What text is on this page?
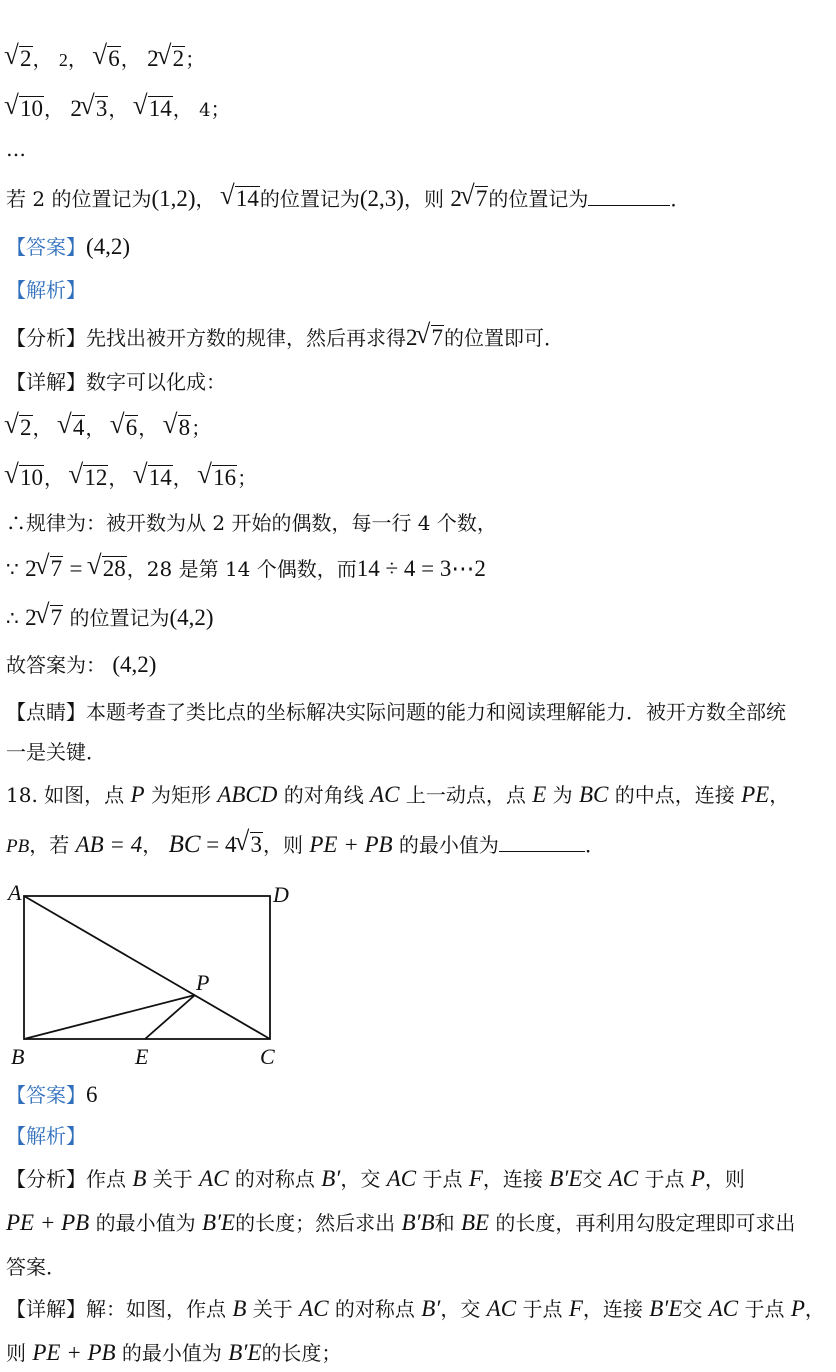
√ 2， 2， √ 6， 2 √ 2；
√ 10， 2 √ 3， √ 14， 4；
…
若 2 的位置记为(1,2)， √ 14的位置记为(2,3)，则 2 √ 7的位置记为	．
【答案】(4,2)
【解析】
【分析】先找出被开方数的规律，然后再求得2 √ 7的位置即可．
【详解】数字可以化成：
√ 2， √ 4， √ 6， √ 8；
√ 10， √ 12， √ 14， √ 16；
∴规律为：被开数为从 2 开始的偶数，每一行 4 个数，
∵ 2 √ 7 = √ 28，28 是第 14 个偶数，而14 ÷ 4 = 3⋯2
∴ 2 √ 7 的位置记为(4,2)
故答案为： (4,2)
【点睛】本题考查了类比点的坐标解决实际问题的能力和阅读理解能力．被开方数全部统
一是关键．
18. 如图，点 P 为矩形 ABCD 的对角线 AC 上一动点，点 E 为 BC 的中点，连接 PE，
PB，若 AB = 4， BC = 4 √ 3，则 PE + PB 的最小值为	．
A	D
P
B	E	C
【答案】6
【解析】
【分析】作点 B 关于 AC 的对称点 B′，交 AC 于点 F，连接 B′E交 AC 于点 P，则
PE + PB 的最小值为 B′E的长度；然后求出 B′B和 BE 的长度，再利用勾股定理即可求出
答案．
【详解】解：如图，作点 B 关于 AC 的对称点 B′，交 AC 于点 F，连接 B′E交 AC 于点 P，
则 PE + PB 的最小值为 B′E的长度；
